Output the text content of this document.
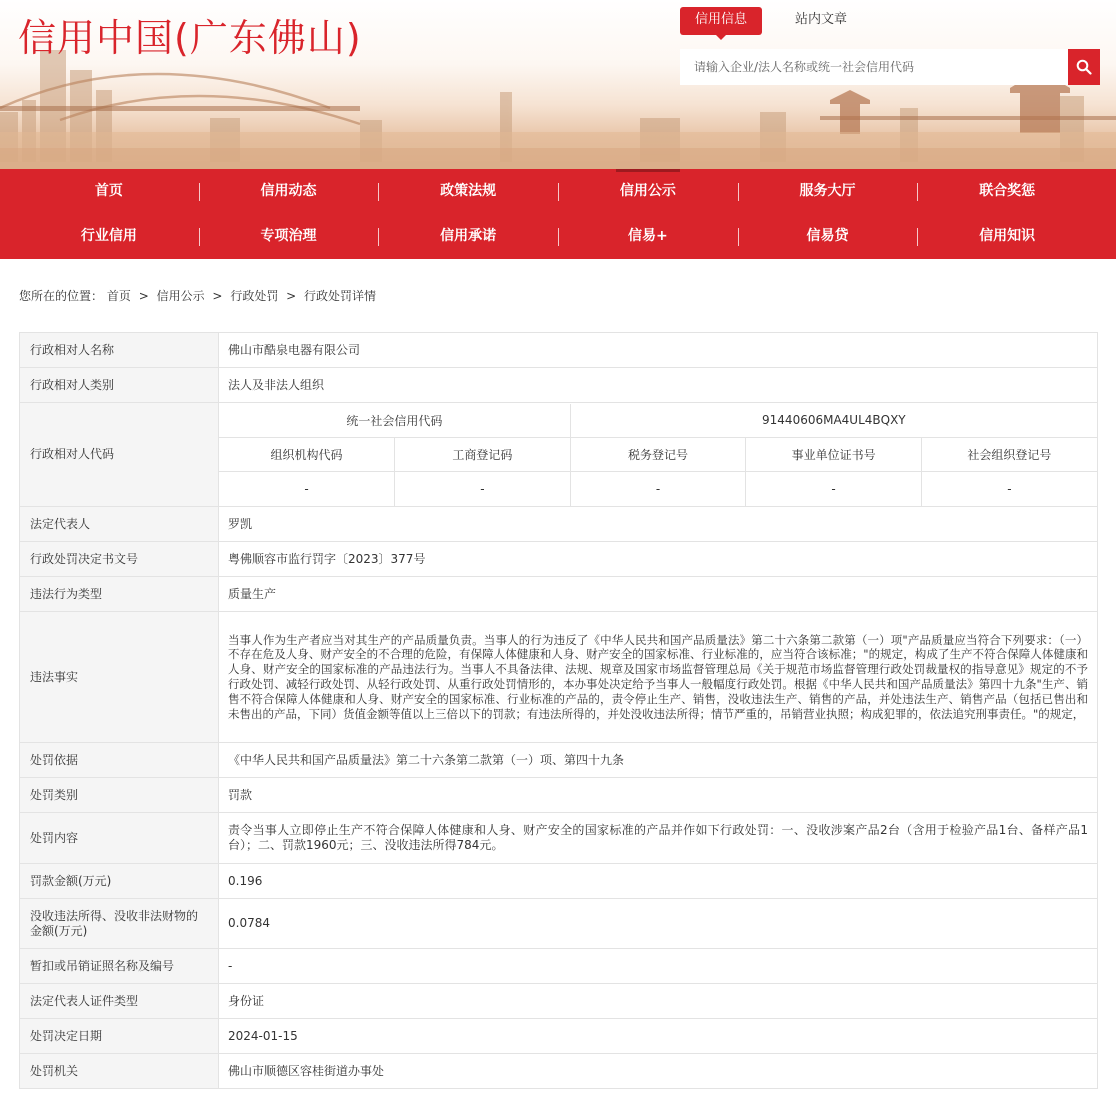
信用中国(广东佛山)	信用信息	站内文章
请输入企业/法人名称或统一社会信用代码
首页	信用动态	政策法规	信用公示	服务大厅	联合奖惩
行业信用	专项治理	信用承诺	信易+	信易贷	信用知识
您所在的位置： 首页 > 信用公示 > 行政处罚 > 行政处罚详情
行政相对人名称	佛山市酷泉电器有限公司
行政相对人类别	法人及非法人组织
行政相对人代码	
统一社会信用代码	91440606MA4UL4BQXY
组织机构代码	工商登记码	税务登记号	事业单位证书号	社会组织登记号
-	-	-	-	-

法定代表人	罗凯
行政处罚决定书文号	粤佛顺容市监行罚字〔2023〕377号
违法行为类型	质量生产
违法事实	当事人作为生产者应当对其生产的产品质量负责。当事人的行为违反了《中华人民共和国产品质量法》第二十六条第二款第（一）项"产品质量应当符合下列要求：（一）不存在危及人身、财产安全的不合理的危险，有保障人体健康和人身、财产安全的国家标准、行业标准的，应当符合该标准；"的规定，构成了生产不符合保障人体健康和人身、财产安全的国家标准的产品违法行为。当事人不具备法律、法规、规章及国家市场监督管理总局《关于规范市场监督管理行政处罚裁量权的指导意见》规定的不予行政处罚、减轻行政处罚、从轻行政处罚、从重行政处罚情形的，本办事处决定给予当事人一般幅度行政处罚。根据《中华人民共和国产品质量法》第四十九条"生产、销售不符合保障人体健康和人身、财产安全的国家标准、行业标准的产品的，责令停止生产、销售，没收违法生产、销售的产品，并处违法生产、销售产品（包括已售出和未售出的产品，下同）货值金额等值以上三倍以下的罚款；有违法所得的，并处没收违法所得；情节严重的，吊销营业执照；构成犯罪的，依法追究刑事责任。"的规定，
处罚依据	《中华人民共和国产品质量法》第二十六条第二款第（一）项、第四十九条
处罚类别	罚款
处罚内容	责令当事人立即停止生产不符合保障人体健康和人身、财产安全的国家标准的产品并作如下行政处罚：一、没收涉案产品2台（含用于检验产品1台、备样产品1台）；二、罚款1960元；三、没收违法所得784元。
罚款金额(万元)	0.196
没收违法所得、没收非法财物的金额(万元)	0.0784
暂扣或吊销证照名称及编号	-
法定代表人证件类型	身份证
处罚决定日期	2024-01-15
处罚机关	佛山市顺德区容桂街道办事处
